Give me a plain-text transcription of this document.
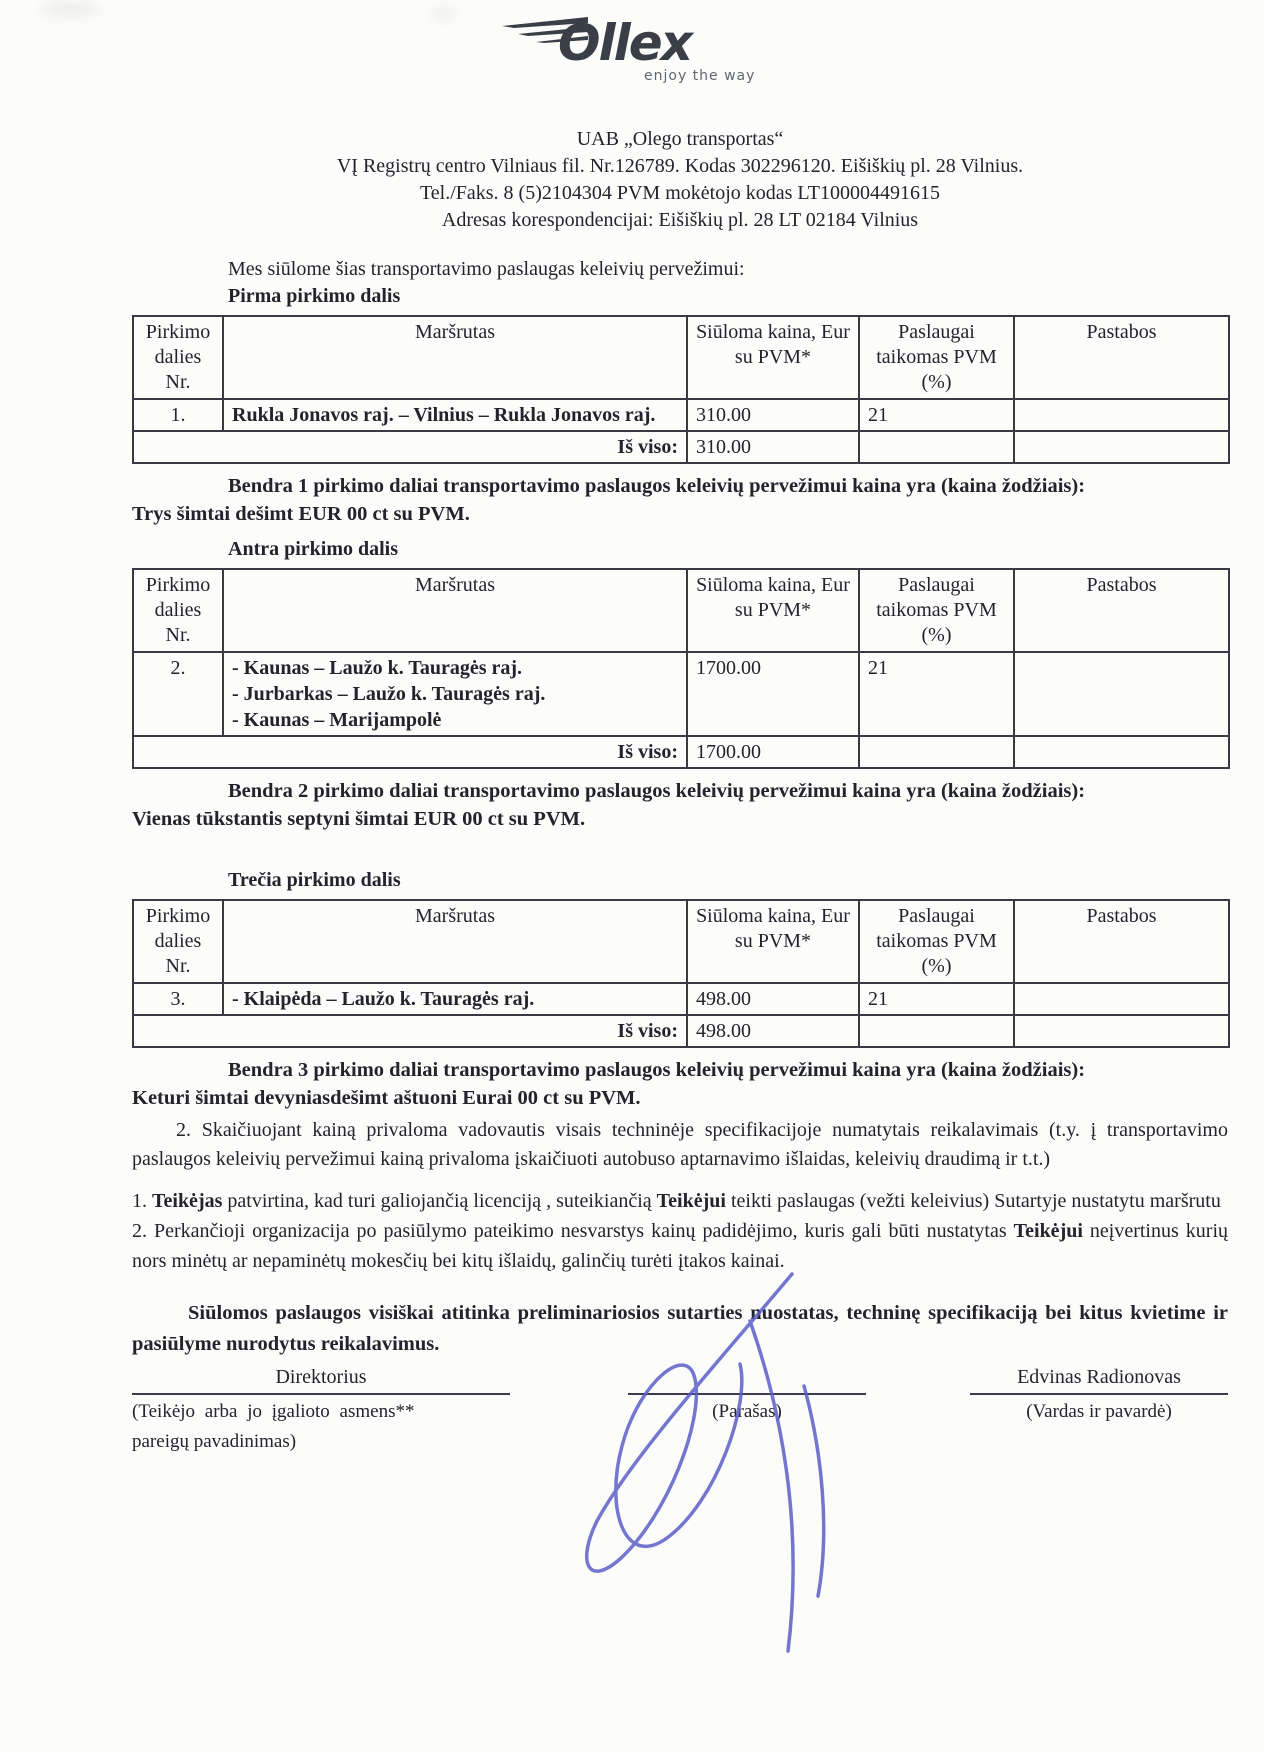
Ollex
enjoy the way
UAB „Olego transportas“
VĮ Registrų centro Vilniaus fil. Nr.126789. Kodas 302296120. Eišiškių pl. 28 Vilnius.
Tel./Faks. 8 (5)2104304 PVM mokėtojo kodas LT100004491615
Adresas korespondencijai: Eišiškių pl. 28 LT 02184 Vilnius
Mes siūlome šias transportavimo paslaugas keleivių pervežimui:
Pirma pirkimo dalis
Pirkimo dalies Nr.	Maršrutas	Siūloma kaina, Eur su PVM*	Paslaugai taikomas PVM (%)	Pastabos
1.	Rukla Jonavos raj. – Vilnius – Rukla Jonavos raj.	310.00	21	
Iš viso:		310.00		
Bendra 1 pirkimo daliai transportavimo paslaugos keleivių pervežimui kaina yra (kaina žodžiais):
Trys šimtai dešimt EUR 00 ct su PVM.
Antra pirkimo dalis
Pirkimo dalies Nr.	Maršrutas	Siūloma kaina, Eur su PVM*	Paslaugai taikomas PVM (%)	Pastabos
2.	- Kaunas – Laužo k. Tauragės raj.
- Jurbarkas – Laužo k. Tauragės raj.
- Kaunas – Marijampolė	1700.00	21	
Iš viso:		1700.00		
Bendra 2 pirkimo daliai transportavimo paslaugos keleivių pervežimui kaina yra (kaina žodžiais):
Vienas tūkstantis septyni šimtai EUR 00 ct su PVM.
Trečia pirkimo dalis
Pirkimo dalies Nr.	Maršrutas	Siūloma kaina, Eur su PVM*	Paslaugai taikomas PVM (%)	Pastabos
3.	- Klaipėda – Laužo k. Tauragės raj.	498.00	21	
Iš viso:		498.00		
Bendra 3 pirkimo daliai transportavimo paslaugos keleivių pervežimui kaina yra (kaina žodžiais):
Keturi šimtai devyniasdešimt aštuoni Eurai 00 ct su PVM.
2. Skaičiuojant kainą privaloma vadovautis visais techninėje specifikacijoje numatytais reikalavimais (t.y. į transportavimo paslaugos keleivių pervežimui kainą privaloma įskaičiuoti autobuso aptarnavimo išlaidas, keleivių draudimą ir t.t.)
1. Teikėjas patvirtina, kad turi galiojančią licenciją , suteikiančią Teikėjui teikti paslaugas (vežti keleivius) Sutartyje nustatytu maršrutu
2. Perkančioji organizacija po pasiūlymo pateikimo nesvarstys kainų padidėjimo, kuris gali būti nustatytas Teikėjui neįvertinus kurių nors minėtų ar nepaminėtų mokesčių bei kitų išlaidų, galinčių turėti įtakos kainai.
Siūlomos paslaugos visiškai atitinka preliminariosios sutarties nuostatas, techninę specifikaciją bei kitus kvietime ir pasiūlyme nurodytus reikalavimus.
Direktorius
(Teikėjo arba jo įgalioto asmens**
pareigų pavadinimas)

(Parašas)
Edvinas Radionovas
(Vardas ir pavardė)
